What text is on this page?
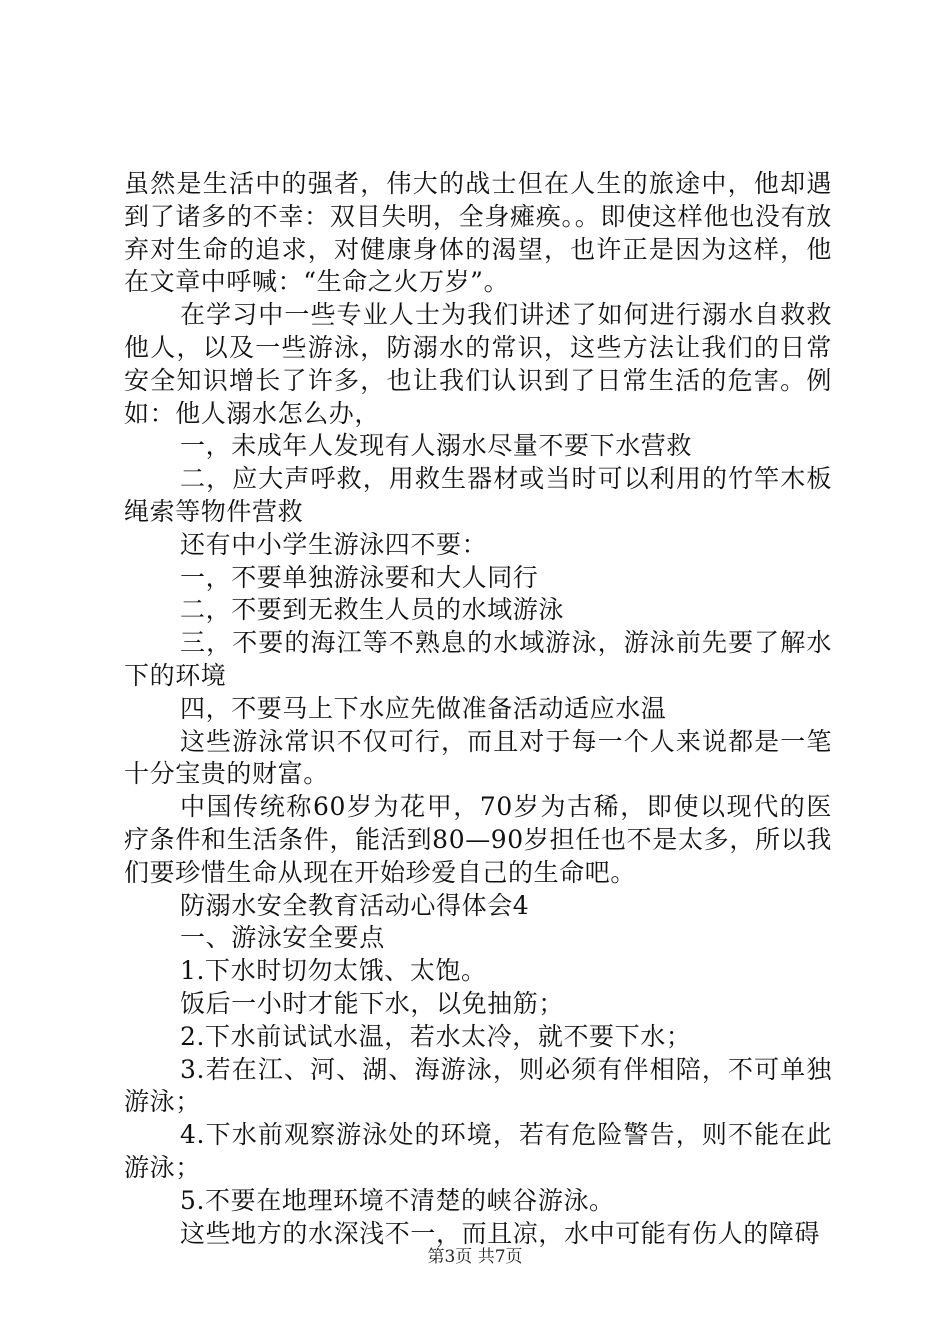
虽然是生活中的强者，伟大的战士但在人生的旅途中，他却遇到了诸多的不幸：双目失明，全身瘫痪。。即使这样他也没有放弃对生命的追求，对健康身体的渴望，也许正是因为这样，他在文章中呼喊：“生命之火万岁”。

在学习中一些专业人士为我们讲述了如何进行溺水自救救他人，以及一些游泳，防溺水的常识，这些方法让我们的日常安全知识增长了许多，也让我们认识到了日常生活的危害。例如：他人溺水怎么办，

一，未成年人发现有人溺水尽量不要下水营救

二，应大声呼救，用救生器材或当时可以利用的竹竿木板绳索等物件营救

还有中小学生游泳四不要：

一，不要单独游泳要和大人同行

二，不要到无救生人员的水域游泳

三，不要的海江等不熟息的水域游泳，游泳前先要了解水下的环境

四，不要马上下水应先做准备活动适应水温

这些游泳常识不仅可行，而且对于每一个人来说都是一笔十分宝贵的财富。

中国传统称60岁为花甲，70岁为古稀，即使以现代的医疗条件和生活条件，能活到80—90岁担任也不是太多，所以我们要珍惜生命从现在开始珍爱自己的生命吧。

防溺水安全教育活动心得体会4

一、游泳安全要点

1.下水时切勿太饿、太饱。

饭后一小时才能下水，以免抽筋；

2.下水前试试水温，若水太冷，就不要下水；

3.若在江、河、湖、海游泳，则必须有伴相陪，不可单独游泳；

4.下水前观察游泳处的环境，若有危险警告，则不能在此游泳；

5.不要在地理环境不清楚的峡谷游泳。

这些地方的水深浅不一，而且凉，水中可能有伤人的障碍

第3页 共7页
